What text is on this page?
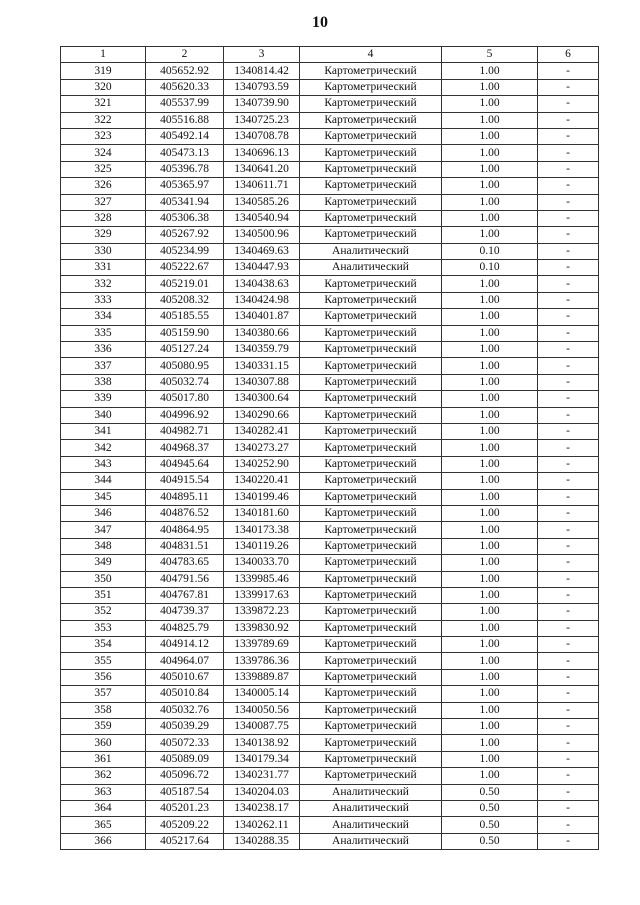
10
1	2	3	4	5	6
319	405652.92	1340814.42	Картометрический	1.00	-
320	405620.33	1340793.59	Картометрический	1.00	-
321	405537.99	1340739.90	Картометрический	1.00	-
322	405516.88	1340725.23	Картометрический	1.00	-
323	405492.14	1340708.78	Картометрический	1.00	-
324	405473.13	1340696.13	Картометрический	1.00	-
325	405396.78	1340641.20	Картометрический	1.00	-
326	405365.97	1340611.71	Картометрический	1.00	-
327	405341.94	1340585.26	Картометрический	1.00	-
328	405306.38	1340540.94	Картометрический	1.00	-
329	405267.92	1340500.96	Картометрический	1.00	-
330	405234.99	1340469.63	Аналитический	0.10	-
331	405222.67	1340447.93	Аналитический	0.10	-
332	405219.01	1340438.63	Картометрический	1.00	-
333	405208.32	1340424.98	Картометрический	1.00	-
334	405185.55	1340401.87	Картометрический	1.00	-
335	405159.90	1340380.66	Картометрический	1.00	-
336	405127.24	1340359.79	Картометрический	1.00	-
337	405080.95	1340331.15	Картометрический	1.00	-
338	405032.74	1340307.88	Картометрический	1.00	-
339	405017.80	1340300.64	Картометрический	1.00	-
340	404996.92	1340290.66	Картометрический	1.00	-
341	404982.71	1340282.41	Картометрический	1.00	-
342	404968.37	1340273.27	Картометрический	1.00	-
343	404945.64	1340252.90	Картометрический	1.00	-
344	404915.54	1340220.41	Картометрический	1.00	-
345	404895.11	1340199.46	Картометрический	1.00	-
346	404876.52	1340181.60	Картометрический	1.00	-
347	404864.95	1340173.38	Картометрический	1.00	-
348	404831.51	1340119.26	Картометрический	1.00	-
349	404783.65	1340033.70	Картометрический	1.00	-
350	404791.56	1339985.46	Картометрический	1.00	-
351	404767.81	1339917.63	Картометрический	1.00	-
352	404739.37	1339872.23	Картометрический	1.00	-
353	404825.79	1339830.92	Картометрический	1.00	-
354	404914.12	1339789.69	Картометрический	1.00	-
355	404964.07	1339786.36	Картометрический	1.00	-
356	405010.67	1339889.87	Картометрический	1.00	-
357	405010.84	1340005.14	Картометрический	1.00	-
358	405032.76	1340050.56	Картометрический	1.00	-
359	405039.29	1340087.75	Картометрический	1.00	-
360	405072.33	1340138.92	Картометрический	1.00	-
361	405089.09	1340179.34	Картометрический	1.00	-
362	405096.72	1340231.77	Картометрический	1.00	-
363	405187.54	1340204.03	Аналитический	0.50	-
364	405201.23	1340238.17	Аналитический	0.50	-
365	405209.22	1340262.11	Аналитический	0.50	-
366	405217.64	1340288.35	Аналитический	0.50	-
